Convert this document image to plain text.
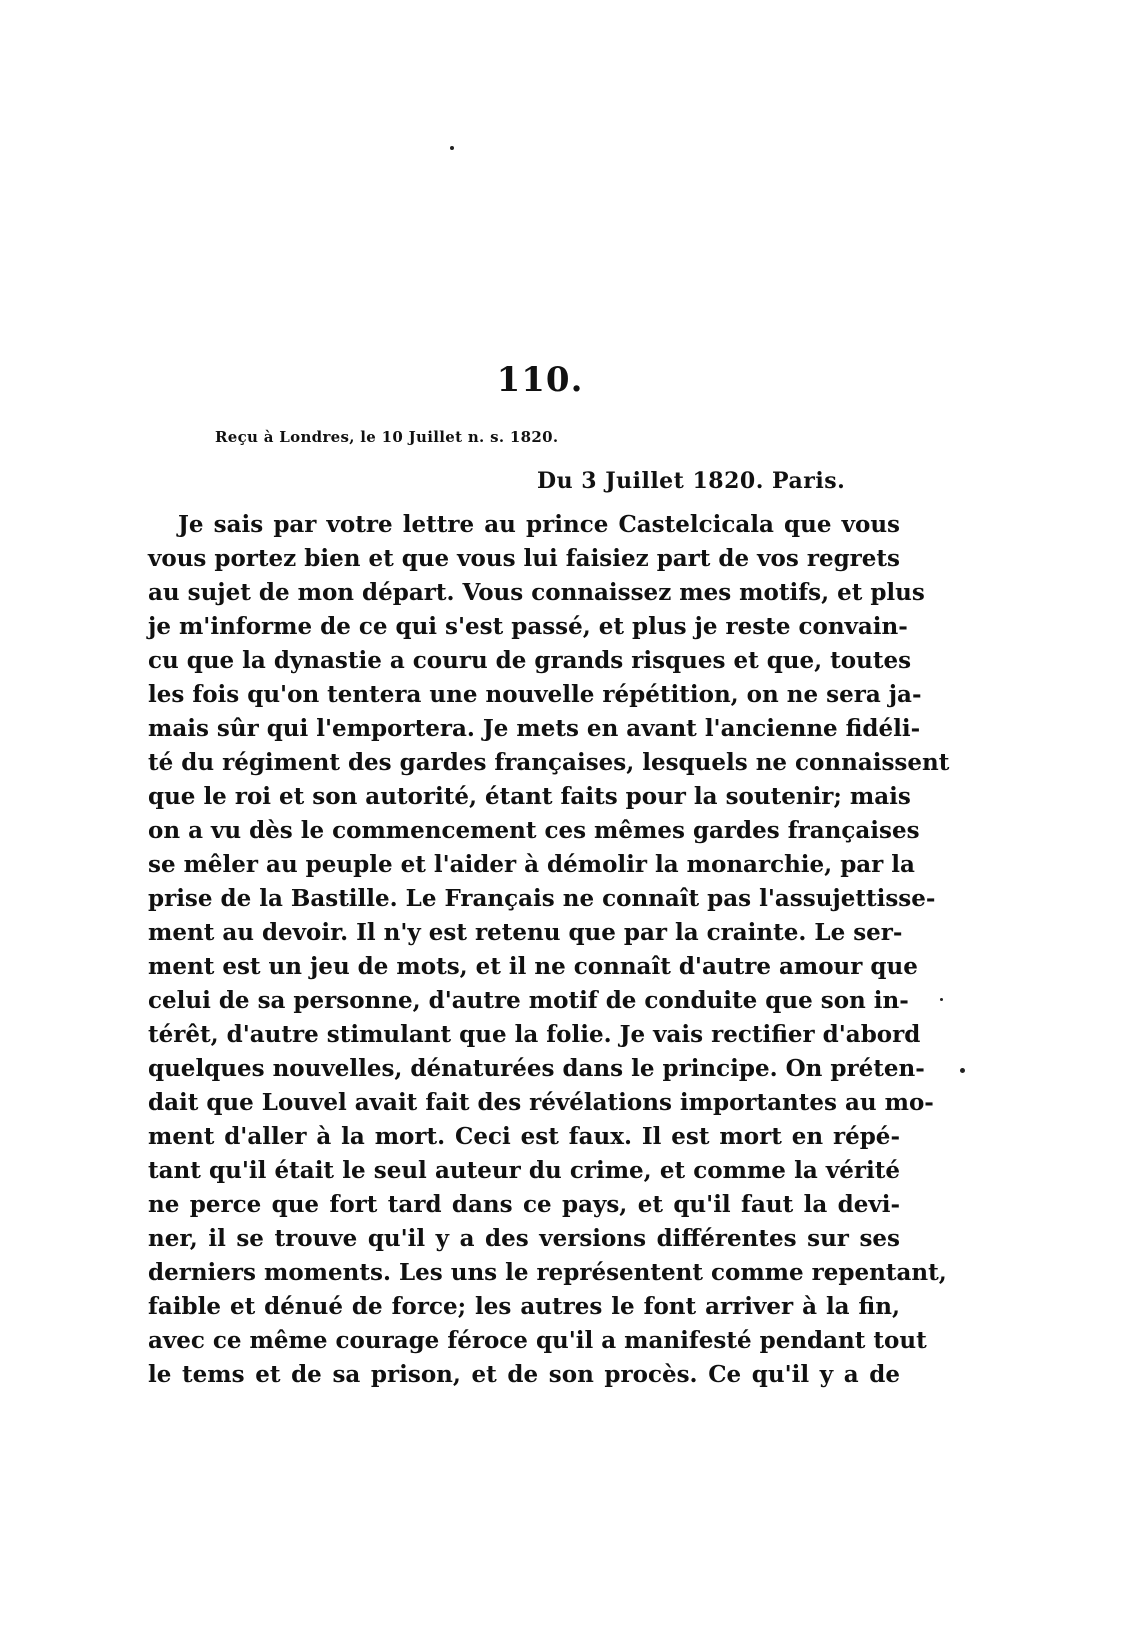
110.
Reçu à Londres, le 10 Juillet n. s. 1820.
Du 3 Juillet 1820. Paris.
Je sais par votre lettre au prince Castelcicala que vous
vous portez bien et que vous lui faisiez part de vos regrets
au sujet de mon départ. Vous connaissez mes motifs, et plus
je m'informe de ce qui s'est passé, et plus je reste convain-
cu que la dynastie a couru de grands risques et que, toutes
les fois qu'on tentera une nouvelle répétition, on ne sera ja-
mais sûr qui l'emportera. Je mets en avant l'ancienne fidéli-
té du régiment des gardes françaises, lesquels ne connaissent
que le roi et son autorité, étant faits pour la soutenir; mais
on a vu dès le commencement ces mêmes gardes françaises
se mêler au peuple et l'aider à démolir la monarchie, par la
prise de la Bastille. Le Français ne connaît pas l'assujettisse-
ment au devoir. Il n'y est retenu que par la crainte. Le ser-
ment est un jeu de mots, et il ne connaît d'autre amour que
celui de sa personne, d'autre motif de conduite que son in-
térêt, d'autre stimulant que la folie. Je vais rectifier d'abord
quelques nouvelles, dénaturées dans le principe. On préten-
dait que Louvel avait fait des révélations importantes au mo-
ment d'aller à la mort. Ceci est faux. Il est mort en répé-
tant qu'il était le seul auteur du crime, et comme la vérité
ne perce que fort tard dans ce pays, et qu'il faut la devi-
ner, il se trouve qu'il y a des versions différentes sur ses
derniers moments. Les uns le représentent comme repentant,
faible et dénué de force; les autres le font arriver à la fin,
avec ce même courage féroce qu'il a manifesté pendant tout
le tems et de sa prison, et de son procès. Ce qu'il y a de
